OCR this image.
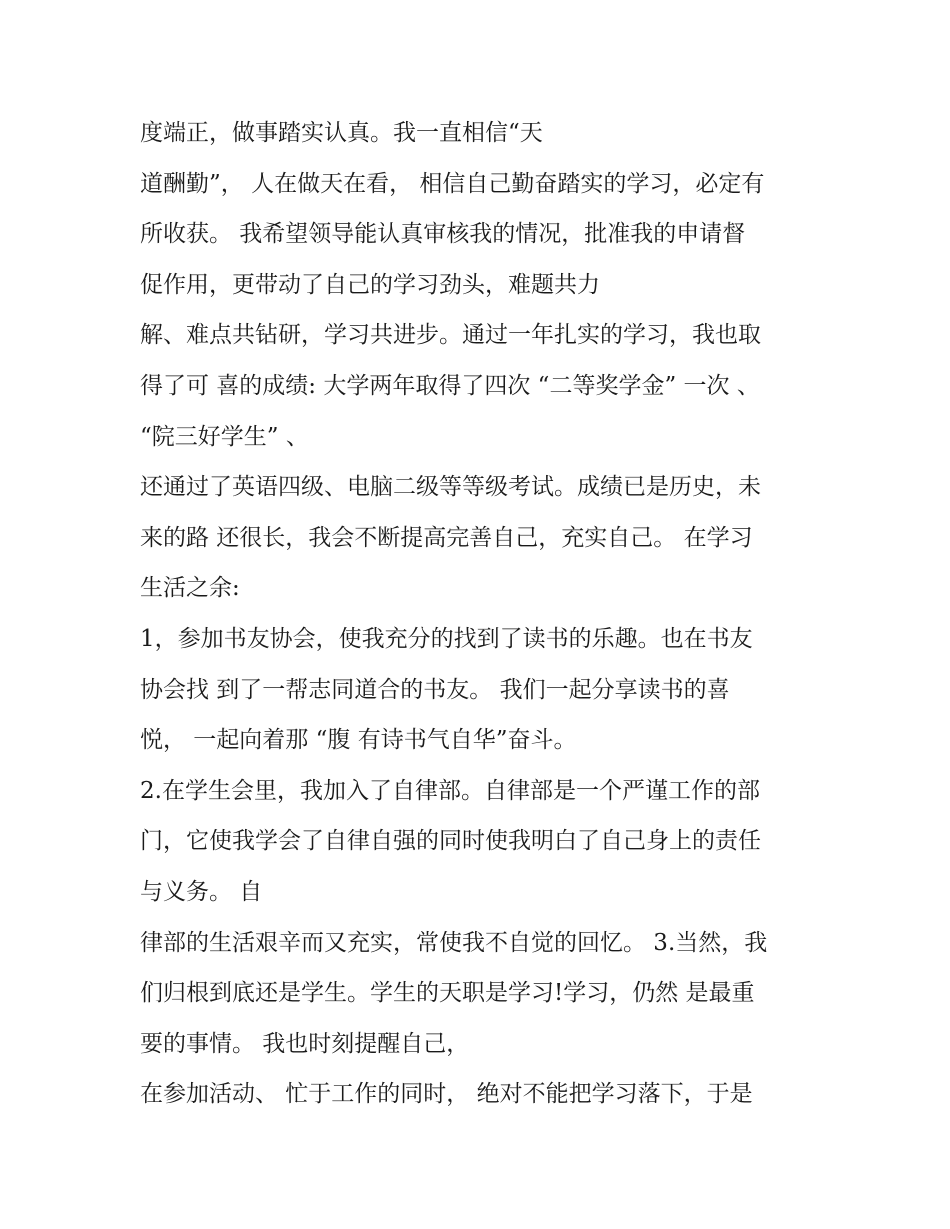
度端正，做事踏实认真。我一直相信“天
道酬勤”， 人在做天在看， 相信自己勤奋踏实的学习，必定有
所收获。 我希望领导能认真审核我的情况，批准我的申请督
促作用，更带动了自己的学习劲头，难题共力
解、难点共钻研，学习共进步。通过一年扎实的学习，我也取
得了可 喜的成绩: 大学两年取得了四次 “二等奖学金” 一次 、
“院三好学生” 、
还通过了英语四级、电脑二级等等级考试。成绩已是历史，未
来的路 还很长，我会不断提高完善自己，充实自己。 在学习
生活之余:
1，参加书友协会，使我充分的找到了读书的乐趣。也在书友
协会找 到了一帮志同道合的书友。 我们一起分享读书的喜
悦， 一起向着那 “腹 有诗书气自华”奋斗。
2.在学生会里，我加入了自律部。自律部是一个严谨工作的部
门，它使我学会了自律自强的同时使我明白了自己身上的责任
与义务。 自
律部的生活艰辛而又充实，常使我不自觉的回忆。 3.当然，我
们归根到底还是学生。学生的天职是学习!学习，仍然 是最重
要的事情。 我也时刻提醒自己，
在参加活动、 忙于工作的同时， 绝对不能把学习落下，于是
